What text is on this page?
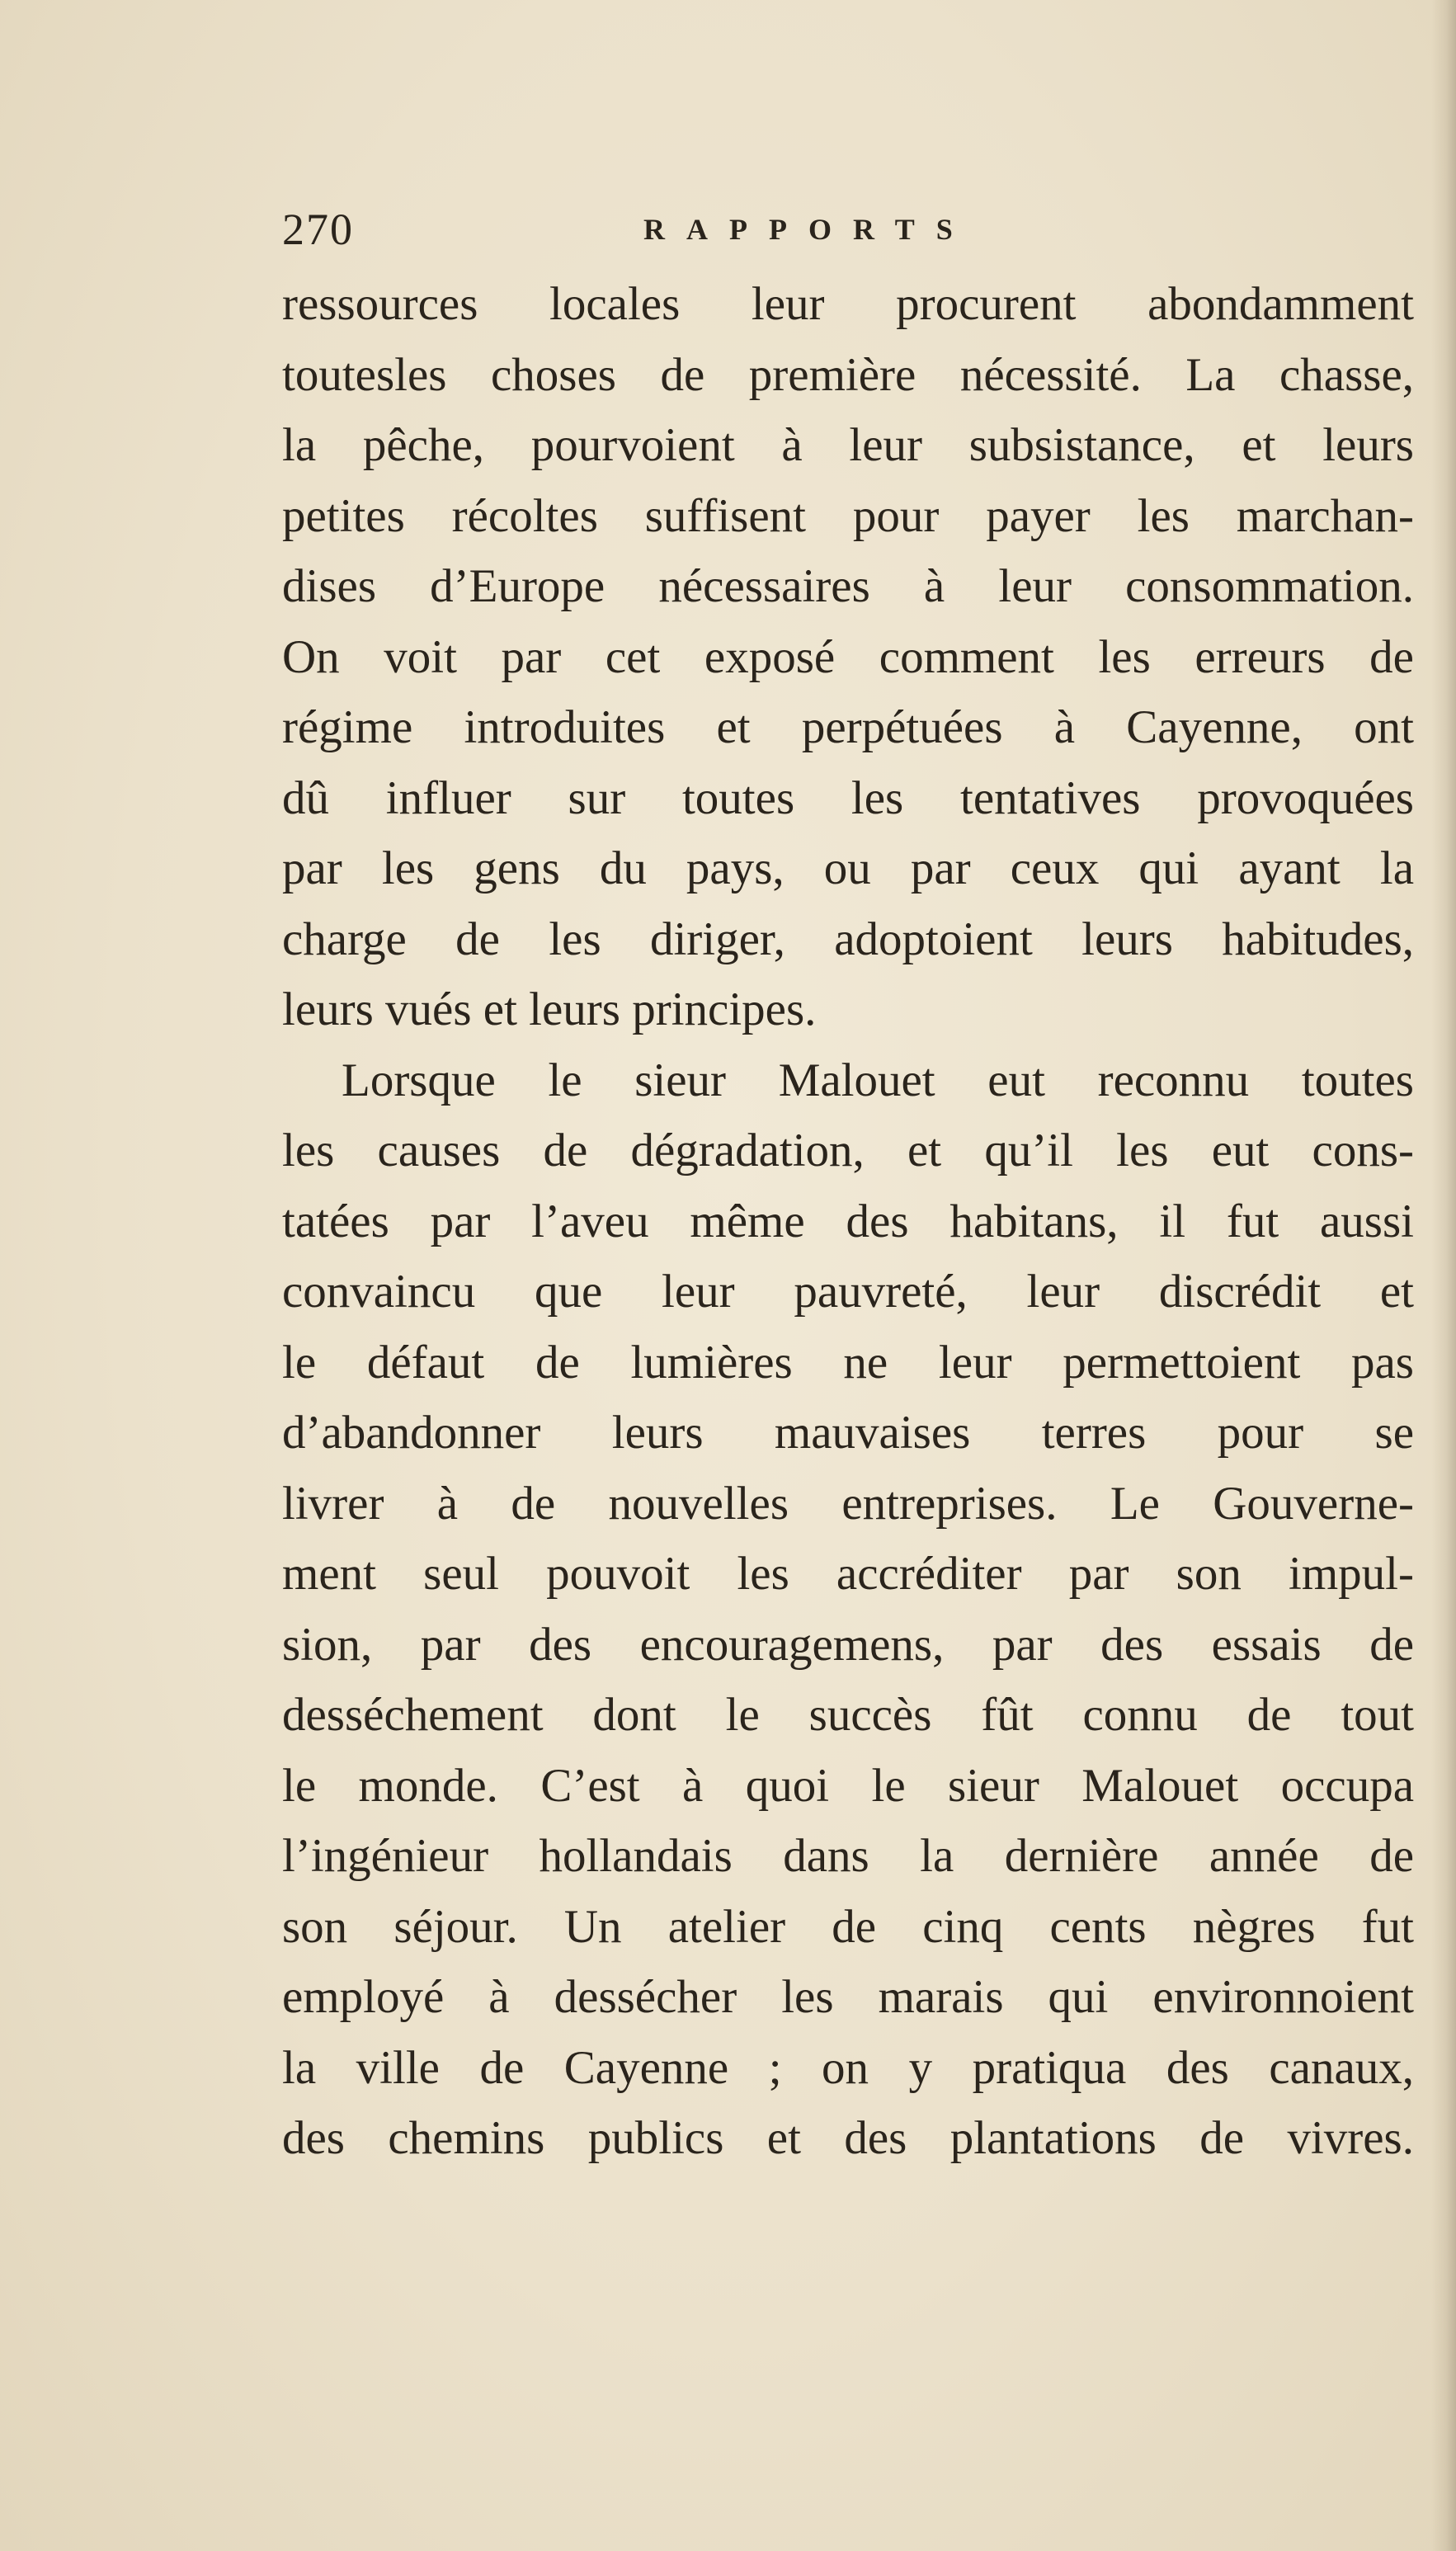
270	RAPPORTS
ressources locales leur procurent abondamment
toutesles choses de première nécessité. La chasse,
la pêche, pourvoient à leur subsistance, et leurs
petites récoltes suffisent pour payer les marchan-
dises d’Europe nécessaires à leur consommation.
On voit par cet exposé comment les erreurs de
régime introduites et perpétuées à Cayenne, ont
dû influer sur toutes les tentatives provoquées
par les gens du pays, ou par ceux qui ayant la
charge de les diriger, adoptoient leurs habitudes,
leurs vués et leurs principes.
Lorsque le sieur Malouet eut reconnu toutes
les causes de dégradation, et qu’il les eut cons-
tatées par l’aveu même des habitans, il fut aussi
convaincu que leur pauvreté, leur discrédit et
le défaut de lumières ne leur permettoient pas
d’abandonner leurs mauvaises terres pour se
livrer à de nouvelles entreprises. Le Gouverne-
ment seul pouvoit les accréditer par son impul-
sion, par des encouragemens, par des essais de
desséchement dont le succès fût connu de tout
le monde. C’est à quoi le sieur Malouet occupa
l’ingénieur hollandais dans la dernière année de
son séjour. Un atelier de cinq cents nègres fut
employé à dessécher les marais qui environnoient
la ville de Cayenne ; on y pratiqua des canaux,
des chemins publics et des plantations de vivres.
